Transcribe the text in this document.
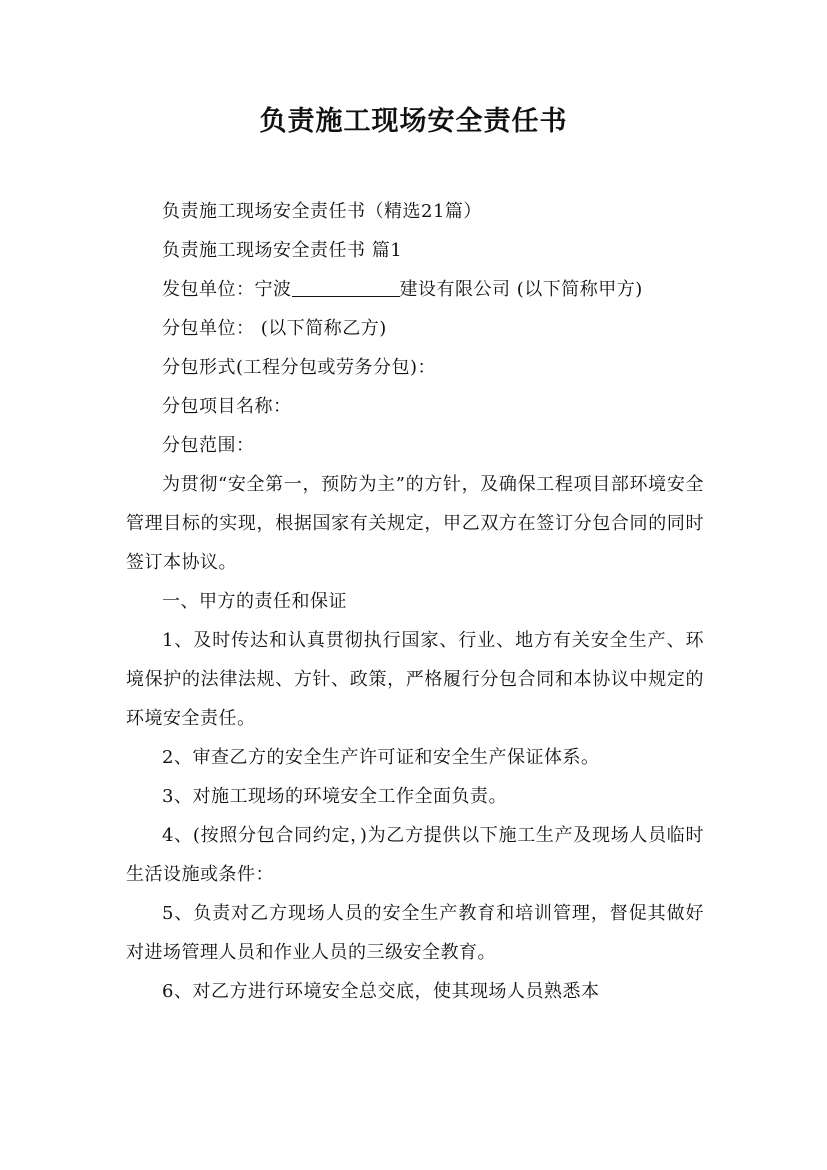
负责施工现场安全责任书

负责施工现场安全责任书（精选21篇）

负责施工现场安全责任书 篇1

发包单位：宁波	建设有限公司 (以下简称甲方)

分包单位： (以下简称乙方)

分包形式(工程分包或劳务分包)：

分包项目名称：

分包范围：

为贯彻“安全第一，预防为主”的方针，及确保工程项目部环境安全管理目标的实现，根据国家有关规定，甲乙双方在签订分包合同的同时签订本协议。

一、甲方的责任和保证

1、及时传达和认真贯彻执行国家、行业、地方有关安全生产、环境保护的法律法规、方针、政策，严格履行分包合同和本协议中规定的环境安全责任。

2、审查乙方的安全生产许可证和安全生产保证体系。

3、对施工现场的环境安全工作全面负责。

4、(按照分包合同约定，)为乙方提供以下施工生产及现场人员临时生活设施或条件：

5、负责对乙方现场人员的安全生产教育和培训管理，督促其做好对进场管理人员和作业人员的三级安全教育。

6、对乙方进行环境安全总交底，使其现场人员熟悉本
